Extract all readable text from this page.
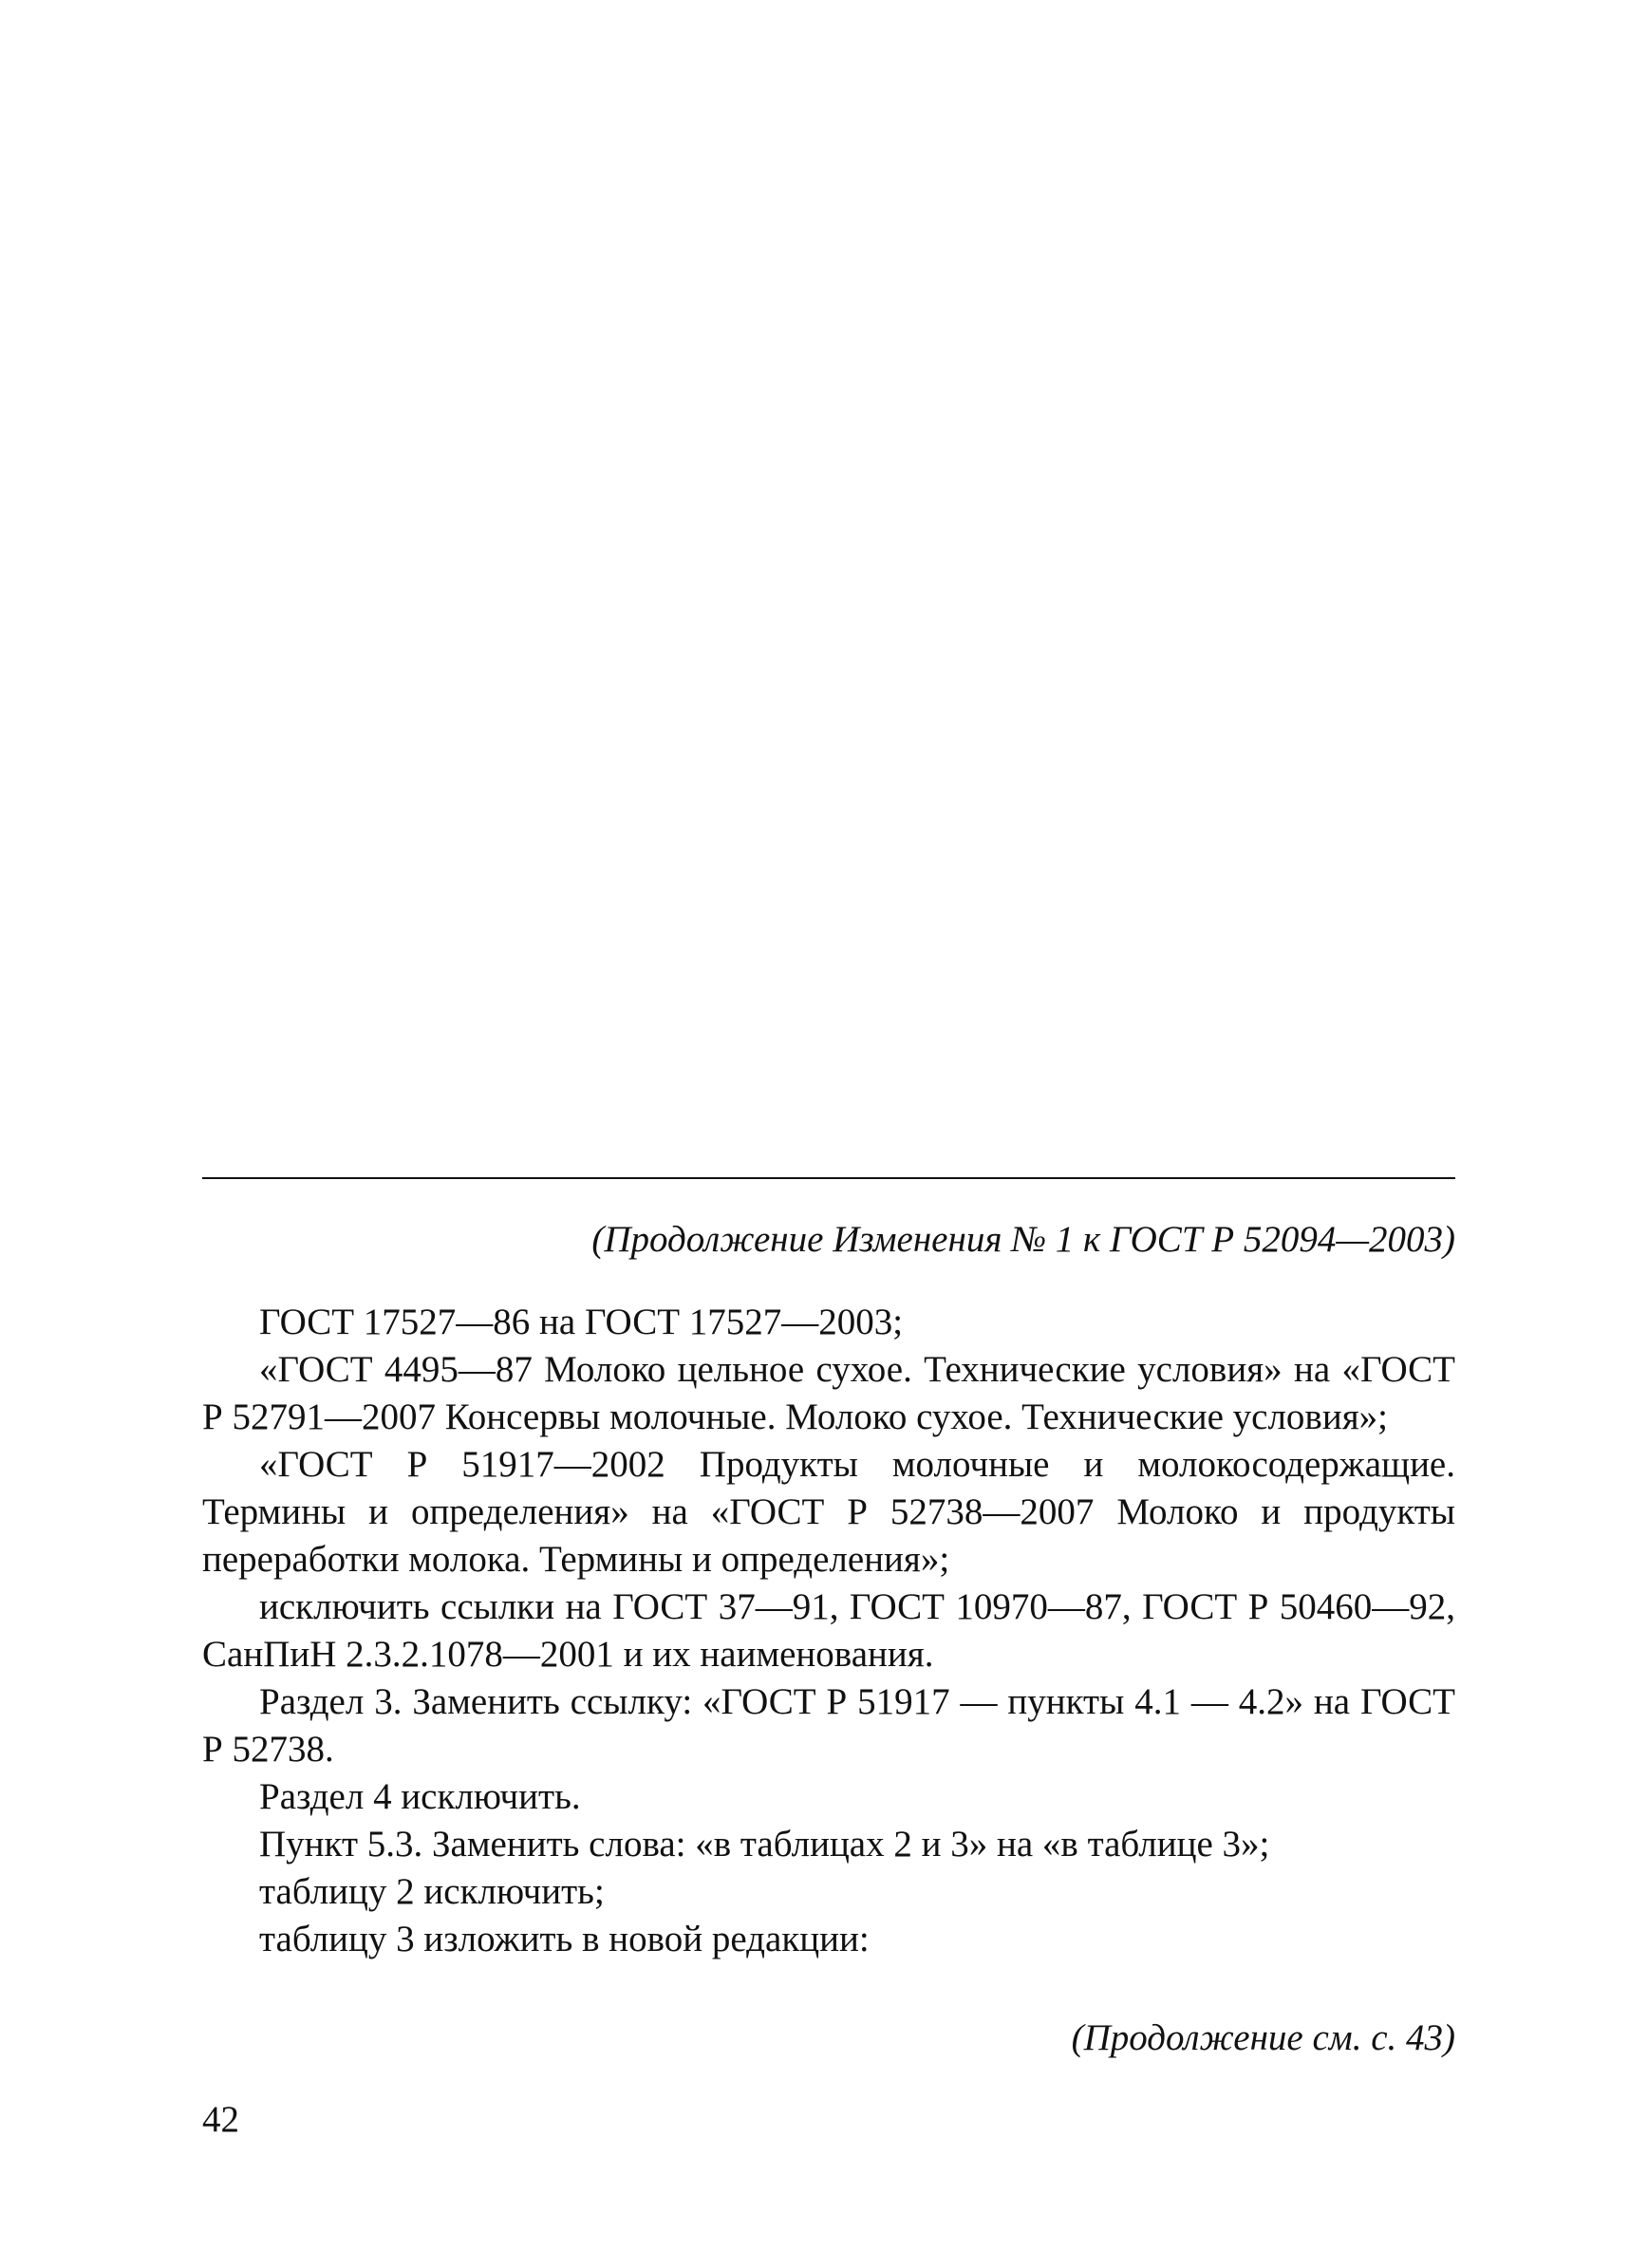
(Продолжение Изменения № 1 к ГОСТ Р 52094—2003)

ГОСТ 17527—86 на ГОСТ 17527—2003;

«ГОСТ 4495—87 Молоко цельное сухое. Технические условия» на «ГОСТ Р 52791—2007 Консервы молочные. Молоко сухое. Технические условия»;

«ГОСТ Р 51917—2002 Продукты молочные и молокосодержащие. Термины и определения» на «ГОСТ Р 52738—2007 Молоко и продукты переработки молока. Термины и определения»;

исключить ссылки на ГОСТ 37—91, ГОСТ 10970—87, ГОСТ Р 50460—92, СанПиН 2.3.2.1078—2001 и их наименования.

Раздел 3. Заменить ссылку: «ГОСТ Р 51917 — пункты 4.1 — 4.2» на ГОСТ Р 52738.

Раздел 4 исключить.

Пункт 5.3. Заменить слова: «в таблицах 2 и 3» на «в таблице 3»;

таблицу 2 исключить;

таблицу 3 изложить в новой редакции:

(Продолжение см. с. 43)

42
